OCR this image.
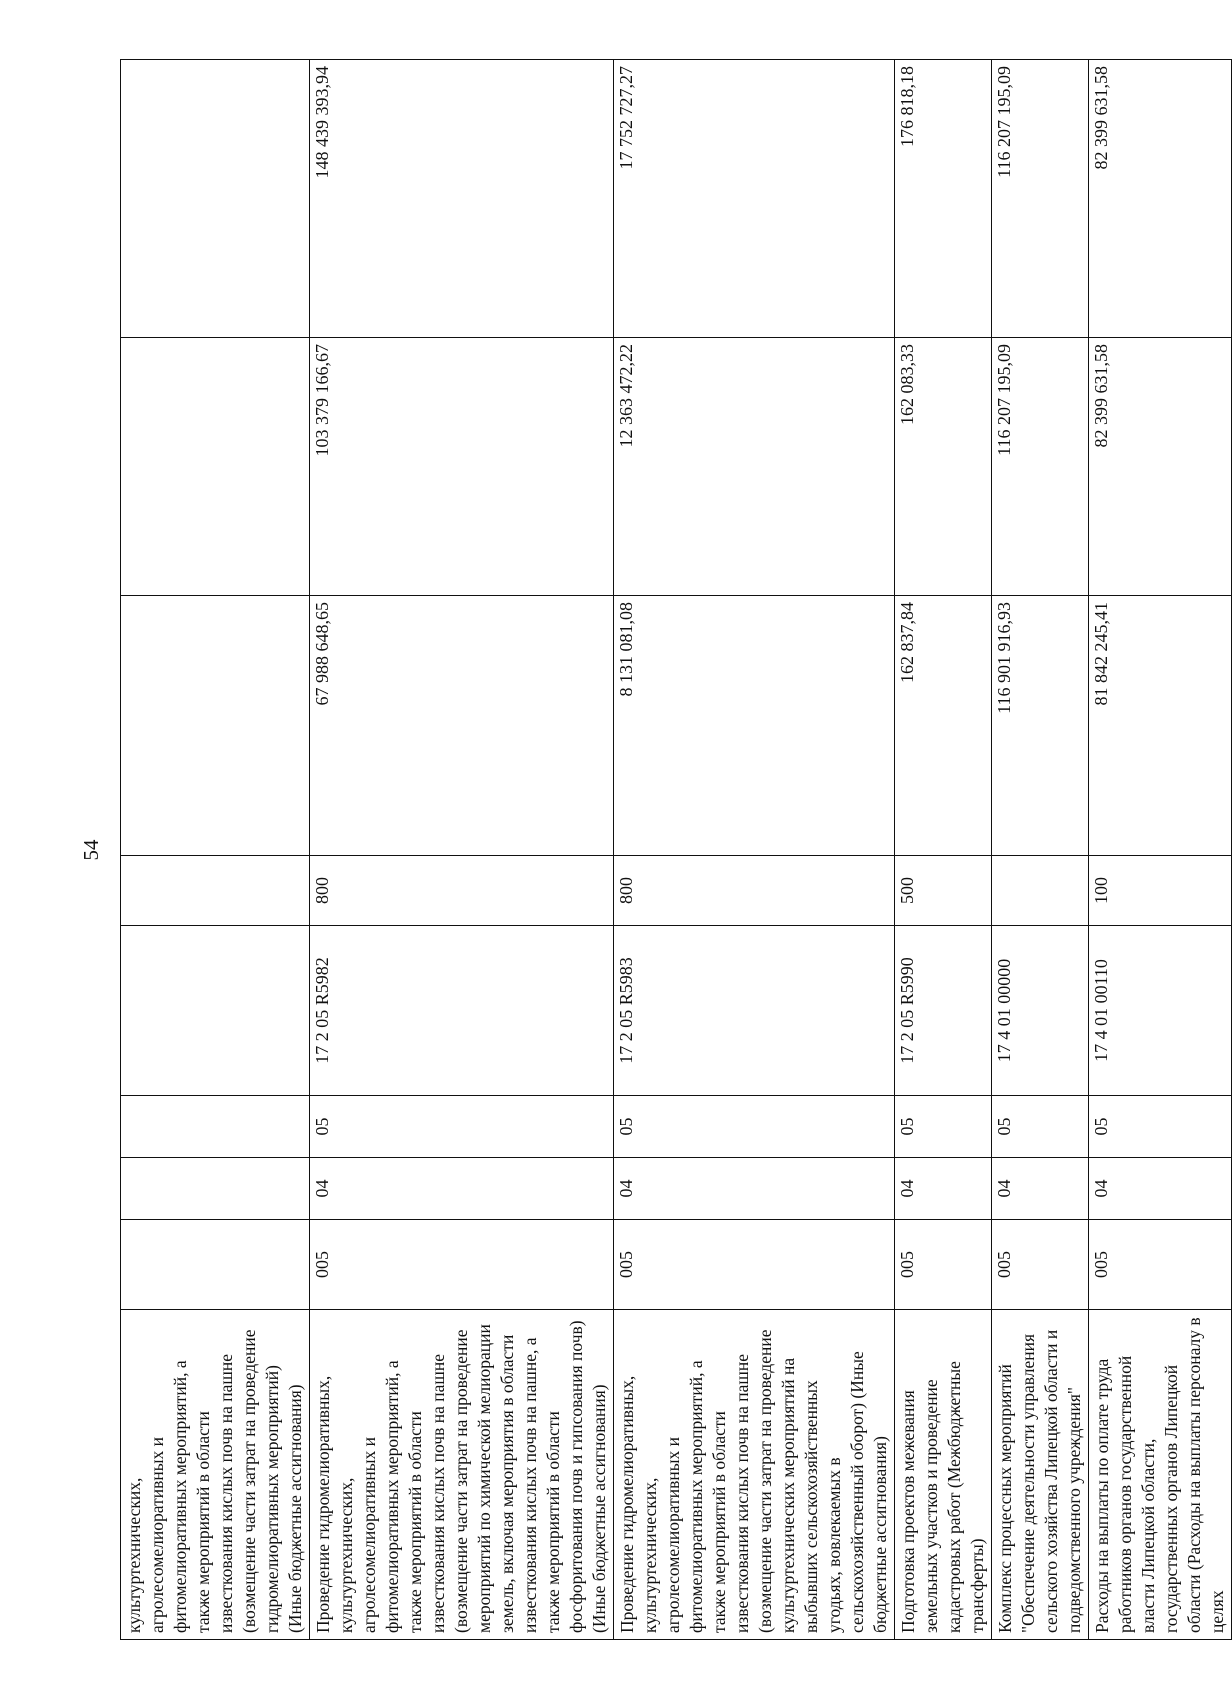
54
культуртехнических, агролесомелиоративных и фитомелиоративных мероприятий, а также мероприятий в области известкования кислых почв на пашне (возмещение части затрат на проведение гидромелиоративных мероприятий) (Иные бюджетные ассигнования)								
Проведение гидромелиоративных, культуртехнических, агролесомелиоративных и фитомелиоративных мероприятий, а также мероприятий в области известкования кислых почв на пашне (возмещение части затрат на проведение мероприятий по химической мелиорации земель, включая мероприятия в области известкования кислых почв на пашне, а также мероприятий в области фосфоритования почв и гипсования почв) (Иные бюджетные ассигнования)	005	04	05	17 2 05 R5982	800	67 988 648,65	103 379 166,67	148 439 393,94
Проведение гидромелиоративных, культуртехнических, агролесомелиоративных и фитомелиоративных мероприятий, а также мероприятий в области известкования кислых почв на пашне (возмещение части затрат на проведение культуртехнических мероприятий на выбывших сельскохозяйственных угодьях, вовлекаемых в сельскохозяйственный оборот) (Иные бюджетные ассигнования)	005	04	05	17 2 05 R5983	800	8 131 081,08	12 363 472,22	17 752 727,27
Подготовка проектов межевания земельных участков и проведение кадастровых работ (Межбюджетные трансферты)	005	04	05	17 2 05 R5990	500	162 837,84	162 083,33	176 818,18
Комплекс процессных мероприятий "Обеспечение деятельности управления сельского хозяйства Липецкой области и подведомственного учреждения"	005	04	05	17 4 01 00000		116 901 916,93	116 207 195,09	116 207 195,09
Расходы на выплаты по оплате труда работников органов государственной власти Липецкой области, государственных органов Липецкой области (Расходы на выплаты персоналу в целях	005	04	05	17 4 01 00110	100	81 842 245,41	82 399 631,58	82 399 631,58
